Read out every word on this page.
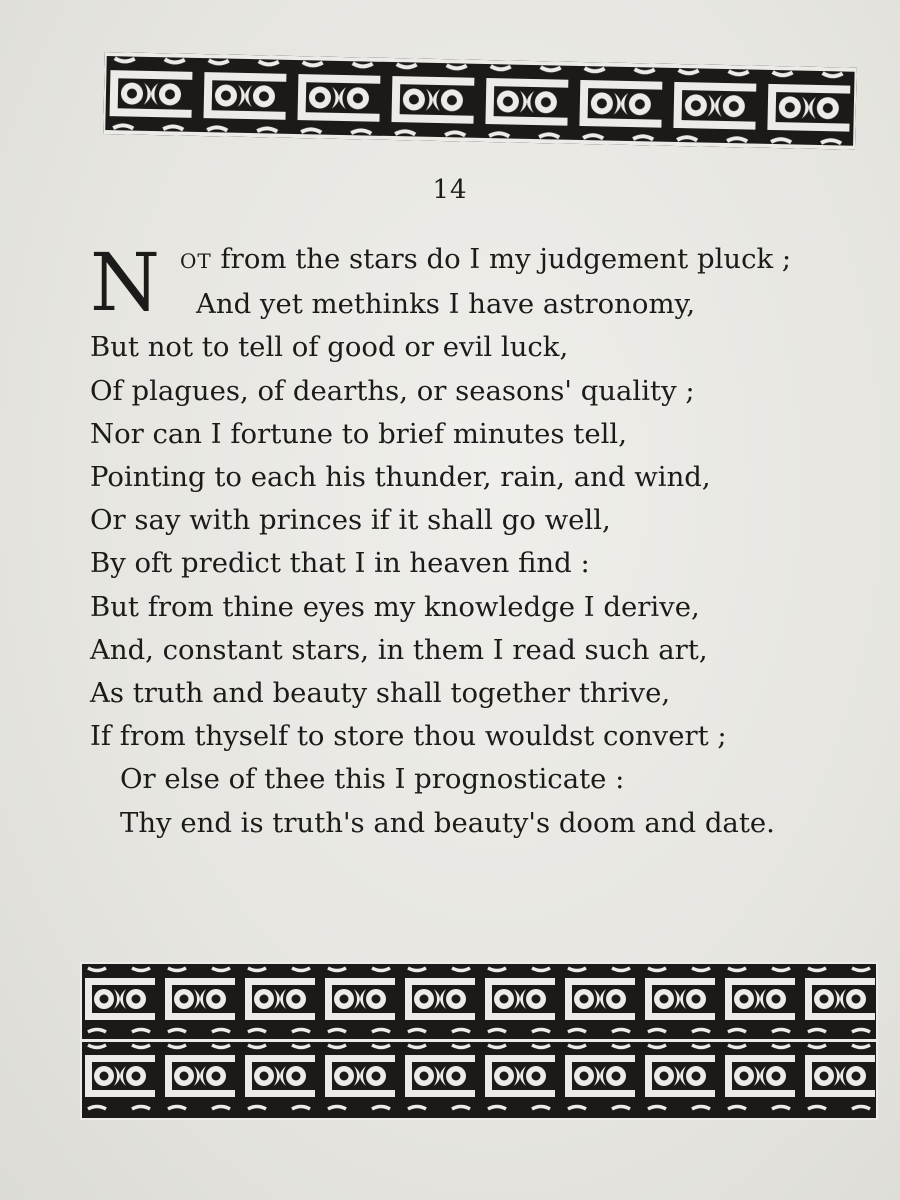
14
N	OT from the stars do I my judgement pluck ;
And yet methinks I have astronomy,
But not to tell of good or evil luck,
Of plagues, of dearths, or seasons' quality ;
Nor can I fortune to brief minutes tell,
Pointing to each his thunder, rain, and wind,
Or say with princes if it shall go well,
By oft predict that I in heaven find :
But from thine eyes my knowledge I derive,
And, constant stars, in them I read such art,
As truth and beauty shall together thrive,
If from thyself to store thou wouldst convert ;
Or else of thee this I prognosticate :
Thy end is truth's and beauty's doom and date.
